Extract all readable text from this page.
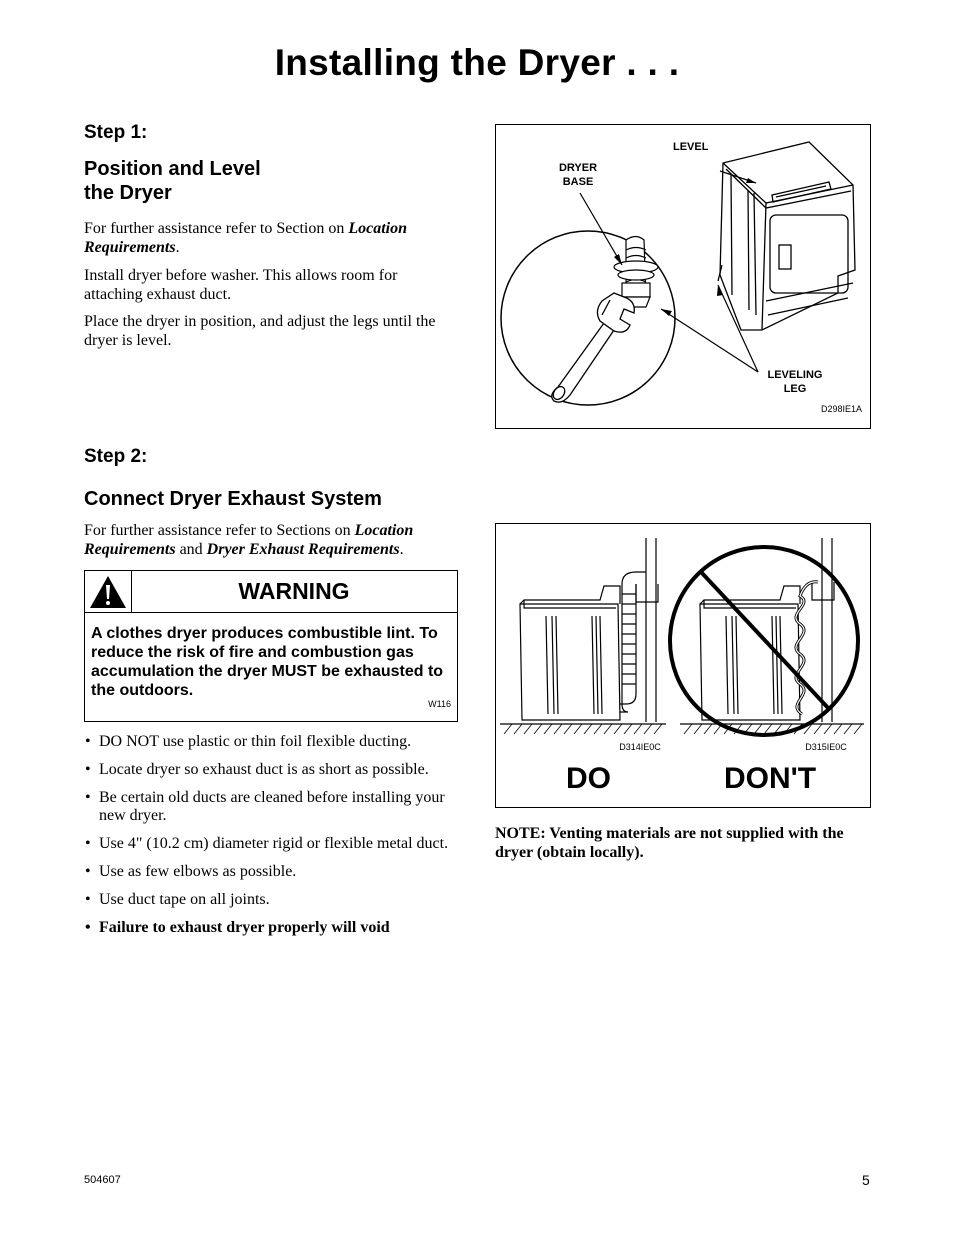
Installing the Dryer . . .
Step 1:
Position and Level
the Dryer
For further assistance refer to Section on Location Requirements.
Install dryer before washer. This allows room for attaching exhaust duct.
Place the dryer in position, and adjust the legs until the dryer is level.
LEVEL
DRYER
BASE
LEVELING
LEG
D298IE1A
Step 2:
Connect Dryer Exhaust System
For further assistance refer to Sections on Location Requirements and Dryer Exhaust Requirements.
WARNING
A clothes dryer produces combustible lint. To reduce the risk of fire and combustion gas accumulation the dryer MUST be exhausted to the outdoors.
W116
• DO NOT use plastic or thin foil flexible ducting.
• Locate dryer so exhaust duct is as short as possible.
• Be certain old ducts are cleaned before installing your new dryer.
• Use 4" (10.2 cm) diameter rigid or flexible metal duct.
• Use as few elbows as possible.
• Use duct tape on all joints.
• Failure to exhaust dryer properly will void
D314IE0C	D315IE0C
DO	DON'T
NOTE: Venting materials are not supplied with the dryer (obtain locally).
504607	5
